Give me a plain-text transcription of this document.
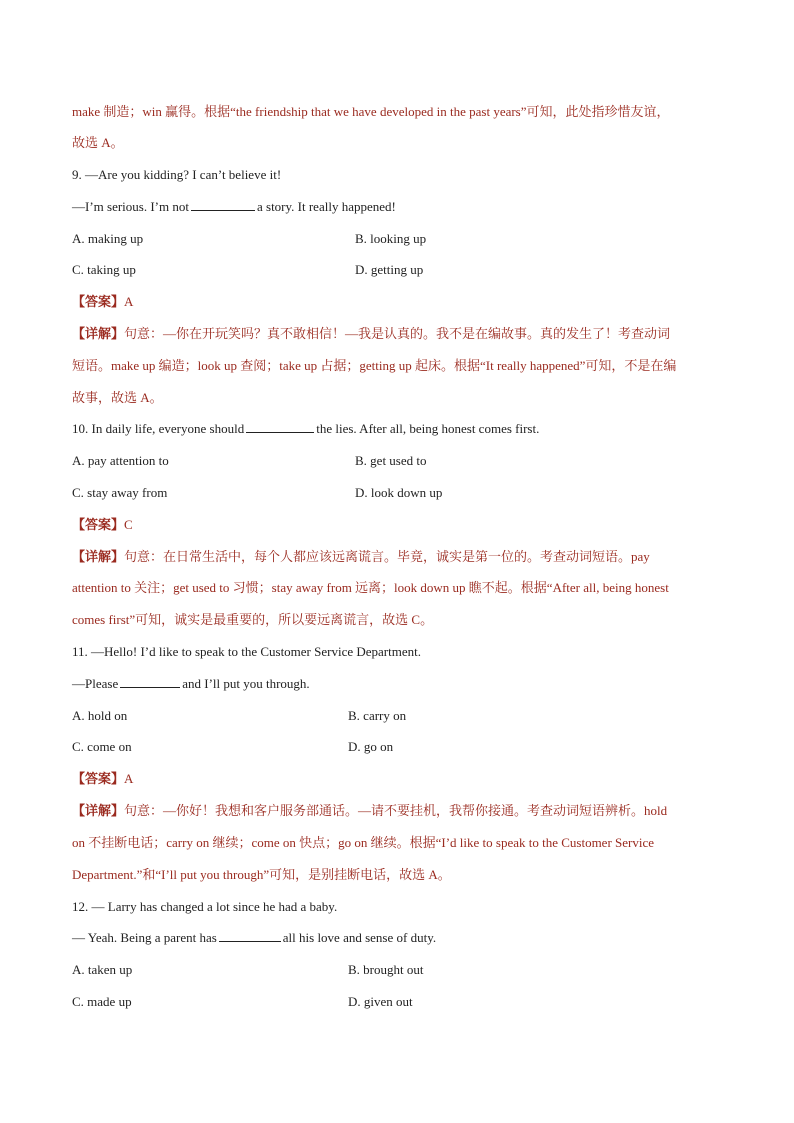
make 制造；win 赢得。根据“the friendship that we have developed in the past years”可知，此处指珍惜友谊，
故选 A。
9. —Are you kidding? I can’t believe it!
—I’m serious. I’m not	a story. It really happened!
A. making up	B. looking up
C. taking up	D. getting up
【答案】A
【详解】句意：—你在开玩笑吗？真不敢相信！—我是认真的。我不是在编故事。真的发生了！考查动词
短语。make up 编造；look up 查阅；take up 占据；getting up 起床。根据“It really happened”可知，不是在编
故事，故选 A。
10. In daily life, everyone should	the lies. After all, being honest comes first.
A. pay attention to	B. get used to
C. stay away from	D. look down up
【答案】C
【详解】句意：在日常生活中，每个人都应该远离谎言。毕竟，诚实是第一位的。考查动词短语。pay
attention to 关注；get used to 习惯；stay away from 远离；look down up 瞧不起。根据“After all, being honest
comes first”可知，诚实是最重要的，所以要远离谎言，故选 C。
11. —Hello! I’d like to speak to the Customer Service Department.
—Please	and I’ll put you through.
A. hold on	B. carry on
C. come on	D. go on
【答案】A
【详解】句意：—你好！我想和客户服务部通话。—请不要挂机，我帮你接通。考查动词短语辨析。hold
on 不挂断电话；carry on 继续；come on 快点；go on 继续。根据“I’d like to speak to the Customer Service
Department.”和“I’ll put you through”可知，是别挂断电话，故选 A。
12. — Larry has changed a lot since he had a baby.
— Yeah. Being a parent has	all his love and sense of duty.
A. taken up	B. brought out
C. made up	D. given out
